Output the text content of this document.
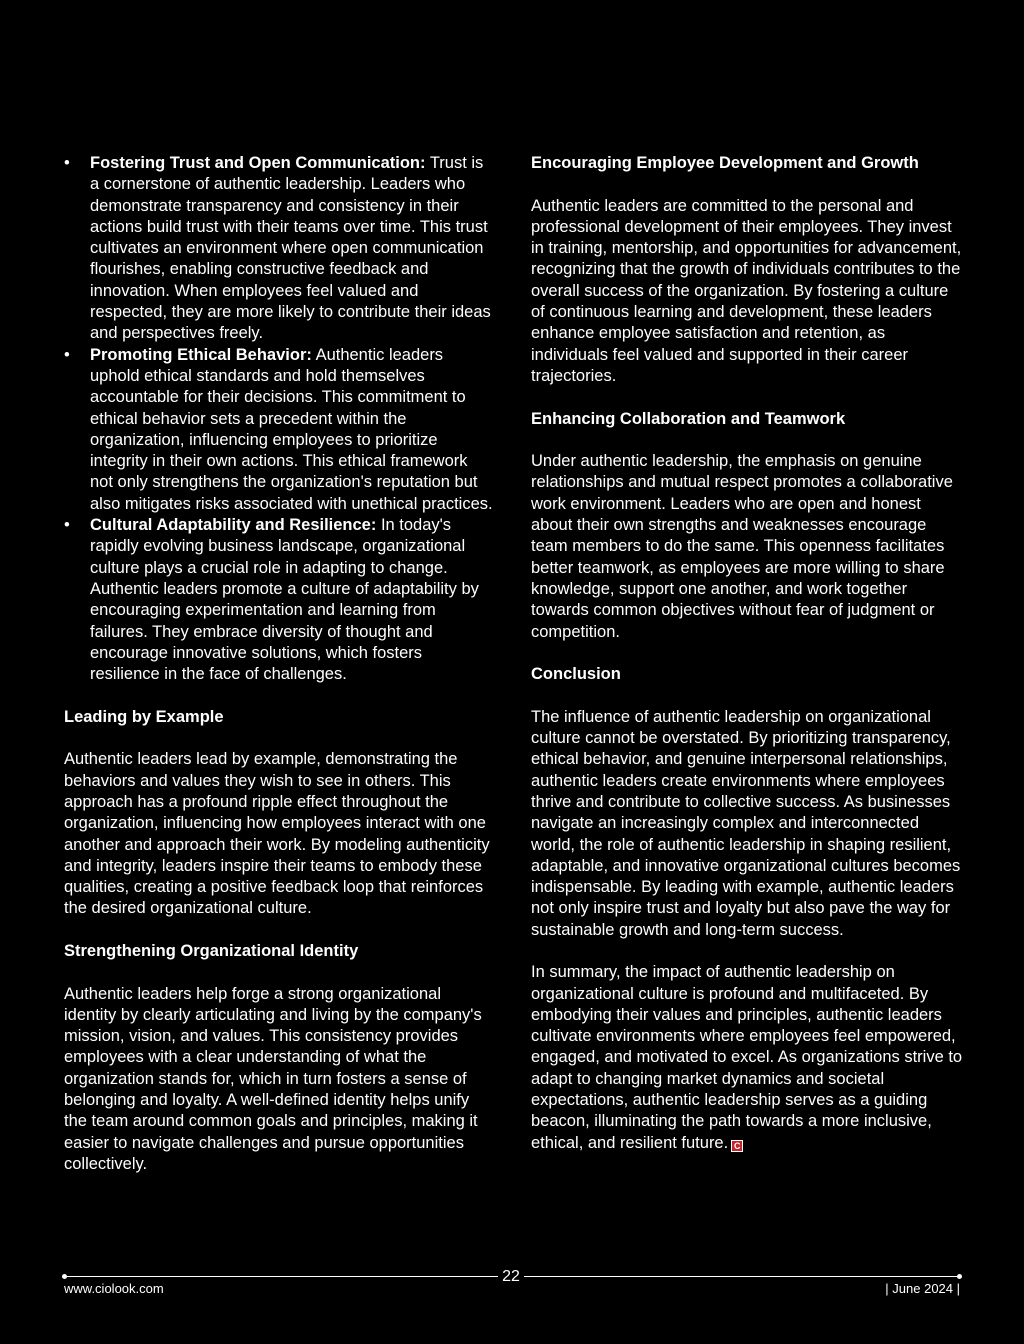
• Fostering Trust and Open Communication: Trust is a cornerstone of authentic leadership. Leaders who demonstrate transparency and consistency in their actions build trust with their teams over time. This trust cultivates an environment where open communication flourishes, enabling constructive feedback and innovation. When employees feel valued and respected, they are more likely to contribute their ideas and perspectives freely.
• Promoting Ethical Behavior: Authentic leaders uphold ethical standards and hold themselves accountable for their decisions. This commitment to ethical behavior sets a precedent within the organization, influencing employees to prioritize integrity in their own actions. This ethical framework not only strengthens the organization's reputation but also mitigates risks associated with unethical practices.
• Cultural Adaptability and Resilience: In today's rapidly evolving business landscape, organizational culture plays a crucial role in adapting to change. Authentic leaders promote a culture of adaptability by encouraging experimentation and learning from failures. They embrace diversity of thought and encourage innovative solutions, which fosters resilience in the face of challenges.
Leading by Example

Authentic leaders lead by example, demonstrating the behaviors and values they wish to see in others. This approach has a profound ripple effect throughout the organization, influencing how employees interact with one another and approach their work. By modeling authenticity and integrity, leaders inspire their teams to embody these qualities, creating a positive feedback loop that reinforces the desired organizational culture.

Strengthening Organizational Identity

Authentic leaders help forge a strong organizational identity by clearly articulating and living by the company's mission, vision, and values. This consistency provides employees with a clear understanding of what the organization stands for, which in turn fosters a sense of belonging and loyalty. A well-defined identity helps unify the team around common goals and principles, making it easier to navigate challenges and pursue opportunities collectively.

Encouraging Employee Development and Growth

Authentic leaders are committed to the personal and professional development of their employees. They invest in training, mentorship, and opportunities for advancement, recognizing that the growth of individuals contributes to the overall success of the organization. By fostering a culture of continuous learning and development, these leaders enhance employee satisfaction and retention, as individuals feel valued and supported in their career trajectories.

Enhancing Collaboration and Teamwork

Under authentic leadership, the emphasis on genuine relationships and mutual respect promotes a collaborative work environment. Leaders who are open and honest about their own strengths and weaknesses encourage team members to do the same. This openness facilitates better teamwork, as employees are more willing to share knowledge, support one another, and work together towards common objectives without fear of judgment or competition.

Conclusion

The influence of authentic leadership on organizational culture cannot be overstated. By prioritizing transparency, ethical behavior, and genuine interpersonal relationships, authentic leaders create environments where employees thrive and contribute to collective success. As businesses navigate an increasingly complex and interconnected world, the role of authentic leadership in shaping resilient, adaptable, and innovative organizational cultures becomes indispensable. By leading with example, authentic leaders not only inspire trust and loyalty but also pave the way for sustainable growth and long-term success.

In summary, the impact of authentic leadership on organizational culture is profound and multifaceted. By embodying their values and principles, authentic leaders cultivate environments where employees feel empowered, engaged, and motivated to excel. As organizations strive to adapt to changing market dynamics and societal expectations, authentic leadership serves as a guiding beacon, illuminating the path towards a more inclusive, ethical, and resilient future. C

22
www.ciolook.com	| June 2024 |
